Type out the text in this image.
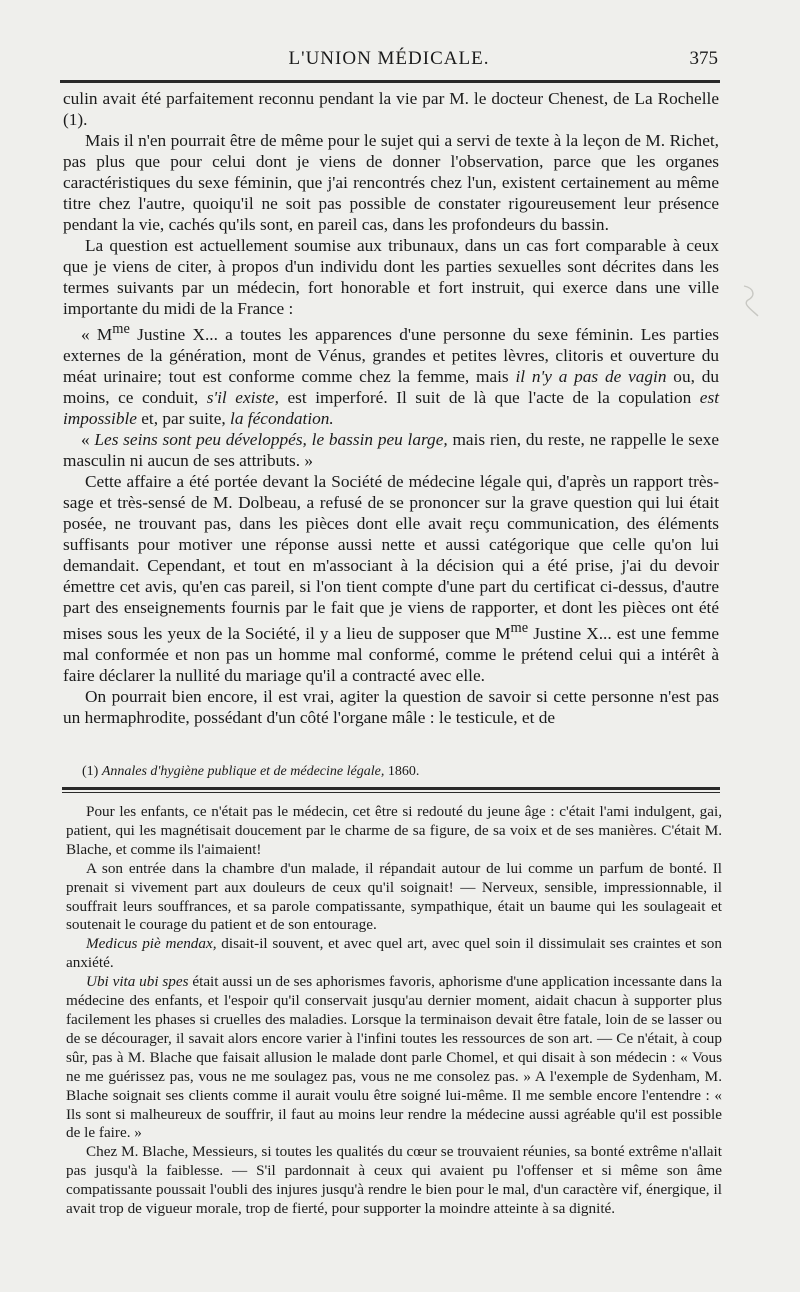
L'UNION MÉDICALE.	375

culin avait été parfaitement reconnu pendant la vie par M. le docteur Chenest, de La Rochelle (1).

Mais il n'en pourrait être de même pour le sujet qui a servi de texte à la leçon de M. Richet, pas plus que pour celui dont je viens de donner l'observation, parce que les organes caractéristiques du sexe féminin, que j'ai rencontrés chez l'un, existent certainement au même titre chez l'autre, quoiqu'il ne soit pas possible de constater rigoureusement leur présence pendant la vie, cachés qu'ils sont, en pareil cas, dans les profondeurs du bassin.

La question est actuellement soumise aux tribunaux, dans un cas fort comparable à ceux que je viens de citer, à propos d'un individu dont les parties sexuelles sont décrites dans les termes suivants par un médecin, fort honorable et fort instruit, qui exerce dans une ville importante du midi de la France :

« $M^{me}$ Justine X... a toutes les apparences d'une personne du sexe féminin. Les parties externes de la génération, mont de Vénus, grandes et petites lèvres, clitoris et ouverture du méat urinaire; tout est conforme comme chez la femme, mais il n'y a pas de vagin ou, du moins, ce conduit, s'il existe, est imperforé. Il suit de là que l'acte de la copulation est impossible et, par suite, la fécondation.

« Les seins sont peu développés, le bassin peu large, mais rien, du reste, ne rappelle le sexe masculin ni aucun de ses attributs. »

Cette affaire a été portée devant la Société de médecine légale qui, d'après un rapport très-sage et très-sensé de M. Dolbeau, a refusé de se prononcer sur la grave question qui lui était posée, ne trouvant pas, dans les pièces dont elle avait reçu communication, des éléments suffisants pour motiver une réponse aussi nette et aussi catégorique que celle qu'on lui demandait. Cependant, et tout en m'associant à la décision qui a été prise, j'ai du devoir émettre cet avis, qu'en cas pareil, si l'on tient compte d'une part du certificat ci-dessus, d'autre part des enseignements fournis par le fait que je viens de rapporter, et dont les pièces ont été mises sous les yeux de la Société, il y a lieu de supposer que $M^{me}$ Justine X... est une femme mal conformée et non pas un homme mal conformé, comme le prétend celui qui a intérêt à faire déclarer la nullité du mariage qu'il a contracté avec elle.

On pourrait bien encore, il est vrai, agiter la question de savoir si cette personne n'est pas un hermaphrodite, possédant d'un côté l'organe mâle : le testicule, et de

(1) Annales d'hygiène publique et de médecine légale, 1860.

Pour les enfants, ce n'était pas le médecin, cet être si redouté du jeune âge : c'était l'ami indulgent, gai, patient, qui les magnétisait doucement par le charme de sa figure, de sa voix et de ses manières. C'était M. Blache, et comme ils l'aimaient!

A son entrée dans la chambre d'un malade, il répandait autour de lui comme un parfum de bonté. Il prenait si vivement part aux douleurs de ceux qu'il soignait! — Nerveux, sensible, impressionnable, il souffrait leurs souffrances, et sa parole compatissante, sympathique, était un baume qui les soulageait et soutenait le courage du patient et de son entourage.

Medicus piè mendax, disait-il souvent, et avec quel art, avec quel soin il dissimulait ses craintes et son anxiété.

Ubi vita ubi spes était aussi un de ses aphorismes favoris, aphorisme d'une application incessante dans la médecine des enfants, et l'espoir qu'il conservait jusqu'au dernier moment, aidait chacun à supporter plus facilement les phases si cruelles des maladies. Lorsque la terminaison devait être fatale, loin de se lasser ou de se décourager, il savait alors encore varier à l'infini toutes les ressources de son art. — Ce n'était, à coup sûr, pas à M. Blache que faisait allusion le malade dont parle Chomel, et qui disait à son médecin : « Vous ne me guérissez pas, vous ne me soulagez pas, vous ne me consolez pas. » A l'exemple de Sydenham, M. Blache soignait ses clients comme il aurait voulu être soigné lui-même. Il me semble encore l'entendre : « Ils sont si malheureux de souffrir, il faut au moins leur rendre la médecine aussi agréable qu'il est possible de le faire. »

Chez M. Blache, Messieurs, si toutes les qualités du cœur se trouvaient réunies, sa bonté extrême n'allait pas jusqu'à la faiblesse. — S'il pardonnait à ceux qui avaient pu l'offenser et si même son âme compatissante poussait l'oubli des injures jusqu'à rendre le bien pour le mal, d'un caractère vif, énergique, il avait trop de vigueur morale, trop de fierté, pour supporter la moindre atteinte à sa dignité.
